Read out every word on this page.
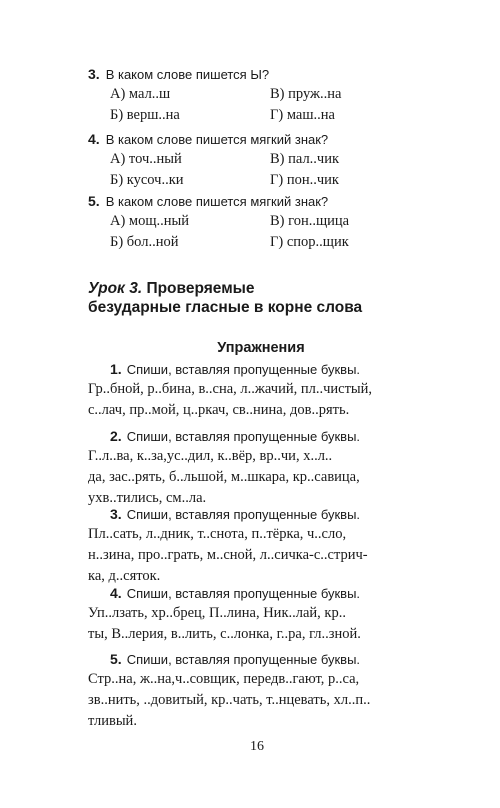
3. В каком слове пишется Ы?
А) мал..ш	В) пруж..на
Б) верш..на	Г) маш..на
4. В каком слове пишется мягкий знак?
А) точ..ный	В) пал..чик
Б) кусоч..ки	Г) пон..чик
5. В каком слове пишется мягкий знак?
А) мощ..ный	В) гон..щица
Б) бол..ной	Г) спор..щик
Урок 3. Проверяемые
безударные гласные в корне слова
Упражнения
1. Спиши, вставляя пропущенные буквы.
Гр..бной, р..бина, в..сна, л..жачий, пл..чистый,
с..лач, пр..мой, ц..ркач, св..нина, дов..рять.
2. Спиши, вставляя пропущенные буквы.
Г..л..ва, к..за,ус..дил, к..вёр, вр..чи, х..л..
да, зас..рять, б..льшой, м..шкара, кр..савица,
ухв..тились, см..ла.
3. Спиши, вставляя пропущенные буквы.
Пл..сать, л..дник, т..снота, п..тёрка, ч..сло,
н..зина, про..грать, м..сной, л..сичка-с..стрич-
ка, д..сяток.
4. Спиши, вставляя пропущенные буквы.
Уп..лзать, хр..брец, П..лина, Ник..лай, кр..
ты, В..лерия, в..лить, с..лонка, г..ра, гл..зной.
5. Спиши, вставляя пропущенные буквы.
Стр..на, ж..на,ч..совщик, передв..гают, р..са,
зв..нить, ..довитый, кр..чать, т..нцевать, хл..п..
тливый.
16
